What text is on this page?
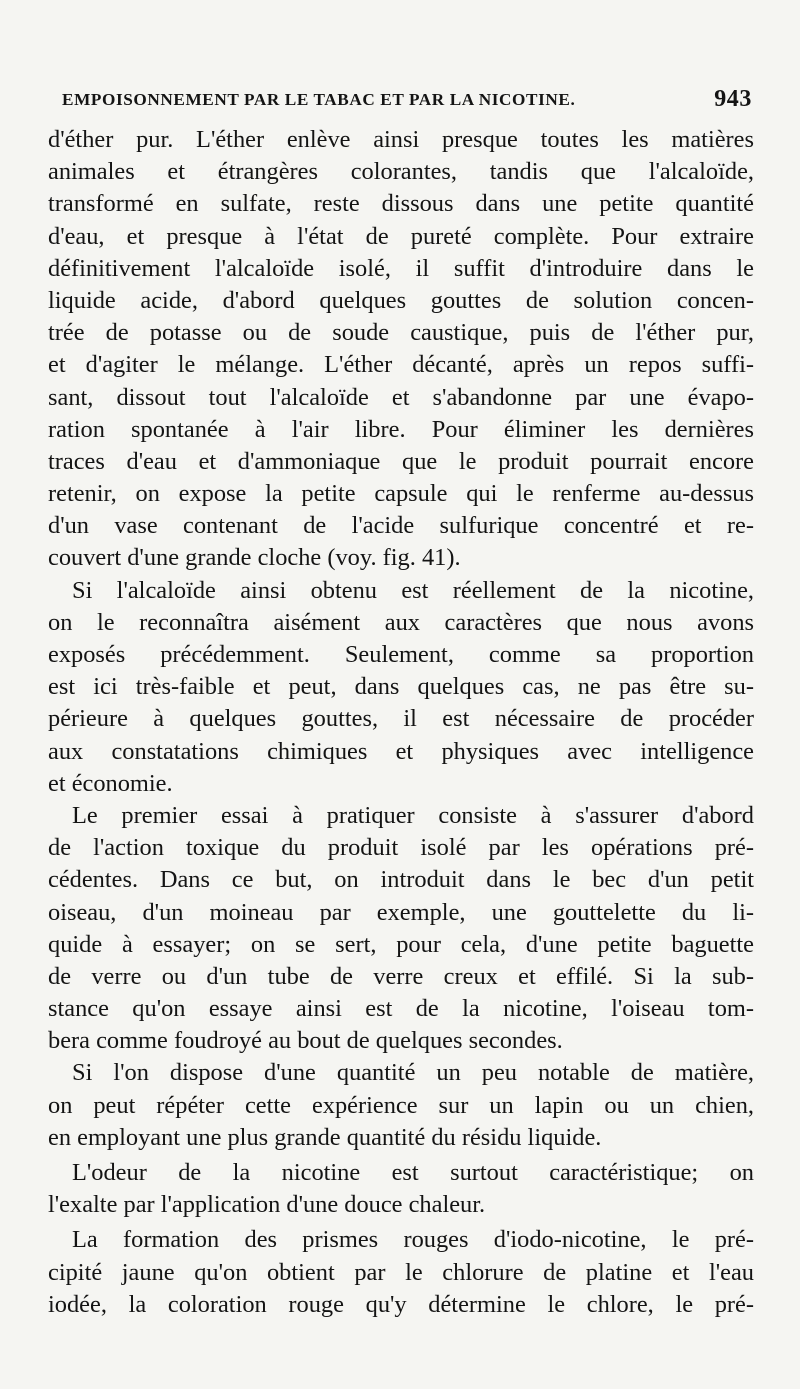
EMPOISONNEMENT PAR LE TABAC ET PAR LA NICOTINE.	943
d'éther pur. L'éther enlève ainsi presque toutes les matières
animales et étrangères colorantes, tandis que l'alcaloïde,
transformé en sulfate, reste dissous dans une petite quantité
d'eau, et presque à l'état de pureté complète. Pour extraire
définitivement l'alcaloïde isolé, il suffit d'introduire dans le
liquide acide, d'abord quelques gouttes de solution concen-
trée de potasse ou de soude caustique, puis de l'éther pur,
et d'agiter le mélange. L'éther décanté, après un repos suffi-
sant, dissout tout l'alcaloïde et s'abandonne par une évapo-
ration spontanée à l'air libre. Pour éliminer les dernières
traces d'eau et d'ammoniaque que le produit pourrait encore
retenir, on expose la petite capsule qui le renferme au-dessus
d'un vase contenant de l'acide sulfurique concentré et re-
couvert d'une grande cloche (voy. fig. 41).
Si l'alcaloïde ainsi obtenu est réellement de la nicotine,
on le reconnaîtra aisément aux caractères que nous avons
exposés précédemment. Seulement, comme sa proportion
est ici très-faible et peut, dans quelques cas, ne pas être su-
périeure à quelques gouttes, il est nécessaire de procéder
aux constatations chimiques et physiques avec intelligence
et économie.
Le premier essai à pratiquer consiste à s'assurer d'abord
de l'action toxique du produit isolé par les opérations pré-
cédentes. Dans ce but, on introduit dans le bec d'un petit
oiseau, d'un moineau par exemple, une gouttelette du li-
quide à essayer; on se sert, pour cela, d'une petite baguette
de verre ou d'un tube de verre creux et effilé. Si la sub-
stance qu'on essaye ainsi est de la nicotine, l'oiseau tom-
bera comme foudroyé au bout de quelques secondes.
Si l'on dispose d'une quantité un peu notable de matière,
on peut répéter cette expérience sur un lapin ou un chien,
en employant une plus grande quantité du résidu liquide.
L'odeur de la nicotine est surtout caractéristique; on
l'exalte par l'application d'une douce chaleur.
La formation des prismes rouges d'iodo-nicotine, le pré-
cipité jaune qu'on obtient par le chlorure de platine et l'eau
iodée, la coloration rouge qu'y détermine le chlore, le pré-
